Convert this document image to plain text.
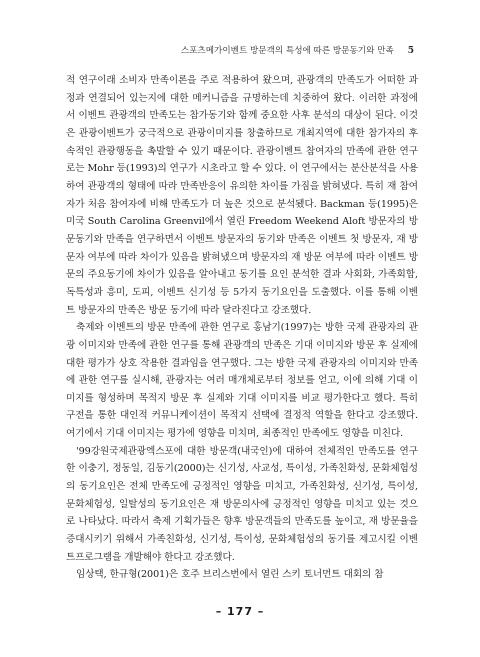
스포츠메가이벤트 방문객의 특성에 따른 방문동기와 만족 5

적 연구이래 소비자 만족이론을 주로 적용하여 왔으며, 관광객의 만족도가 어떠한 과정과 연결되어 있는지에 대한 메커니즘을 규명하는데 치중하여 왔다. 이러한 과정에서 이벤트 관광객의 만족도는 참가동기와 함께 중요한 사후 분석의 대상이 된다. 이것은 관광이벤트가 궁극적으로 관광이미지를 창출하므로 개최지역에 대한 참가자의 후속적인 관광행동을 촉발할 수 있기 때문이다. 관광이벤트 참여자의 만족에 관한 연구로는 Mohr 등(1993)의 연구가 시초라고 할 수 있다. 이 연구에서는 분산분석을 사용하여 관광객의 형태에 따라 만족반응이 유의한 차이를 가짐을 밝혀냈다. 특히 재 참여자가 처음 참여자에 비해 만족도가 더 높은 것으로 분석됐다. Backman 등(1995)은 미국 South Carolina Greenvil에서 열린 Freedom Weekend Aloft 방문자의 방문동기와 만족을 연구하면서 이벤트 방문자의 동기와 만족은 이벤트 첫 방문자, 재 방문자 여부에 따라 차이가 있음을 밝혀냈으며 방문자의 재 방문 여부에 따라 이벤트 방문의 주요동기에 차이가 있음을 알아내고 동기를 요인 분석한 결과 사회화, 가족회합, 독특성과 흥미, 도피, 이벤트 신기성 등 5가지 동기요인을 도출했다. 이를 통해 이벤트 방문자의 만족은 방문 동기에 따라 달라진다고 강조했다.

축제와 이벤트의 방문 만족에 관한 연구로 홍남기(1997)는 방한 국제 관광자의 관광 이미지와 만족에 관한 연구를 통해 관광객의 만족은 기대 이미지와 방문 후 실제에 대한 평가가 상호 작용한 결과임을 연구했다. 그는 방한 국제 관광자의 이미지와 만족에 관한 연구를 실시해, 관광자는 여러 매개체로부터 정보를 얻고, 이에 의해 기대 이미지를 형성하며 목적지 방문 후 실제와 기대 이미지를 비교 평가한다고 했다. 특히 구전을 통한 대인적 커뮤니케이션이 목적지 선택에 결정적 역할을 한다고 강조했다. 여기에서 기대 이미지는 평가에 영향을 미치며, 최종적인 만족에도 영향을 미친다.

'99강원국제관광엑스포에 대한 방문객(내국인)에 대하여 전체적인 만족도를 연구한 이충기, 정동일, 김동기(2000)는 신기성, 사교성, 특이성, 가족친화성, 문화체험성의 동기요인은 전체 만족도에 긍정적인 영향을 미치고, 가족친화성, 신기성, 특이성, 문화체험성, 일탈성의 동기요인은 재 방문의사에 긍정적인 영향을 미치고 있는 것으로 나타났다. 따라서 축제 기획가들은 향후 방문객들의 만족도를 높이고, 재 방문율을 증대시키기 위해서 가족친화성, 신기성, 특이성, 문화체험성의 동기를 제고시킬 이벤트프로그램을 개발해야 한다고 강조했다.

임상택, 한규형(2001)은 호주 브리스번에서 열린 스키 토너먼트 대회의 참

– 177 –
